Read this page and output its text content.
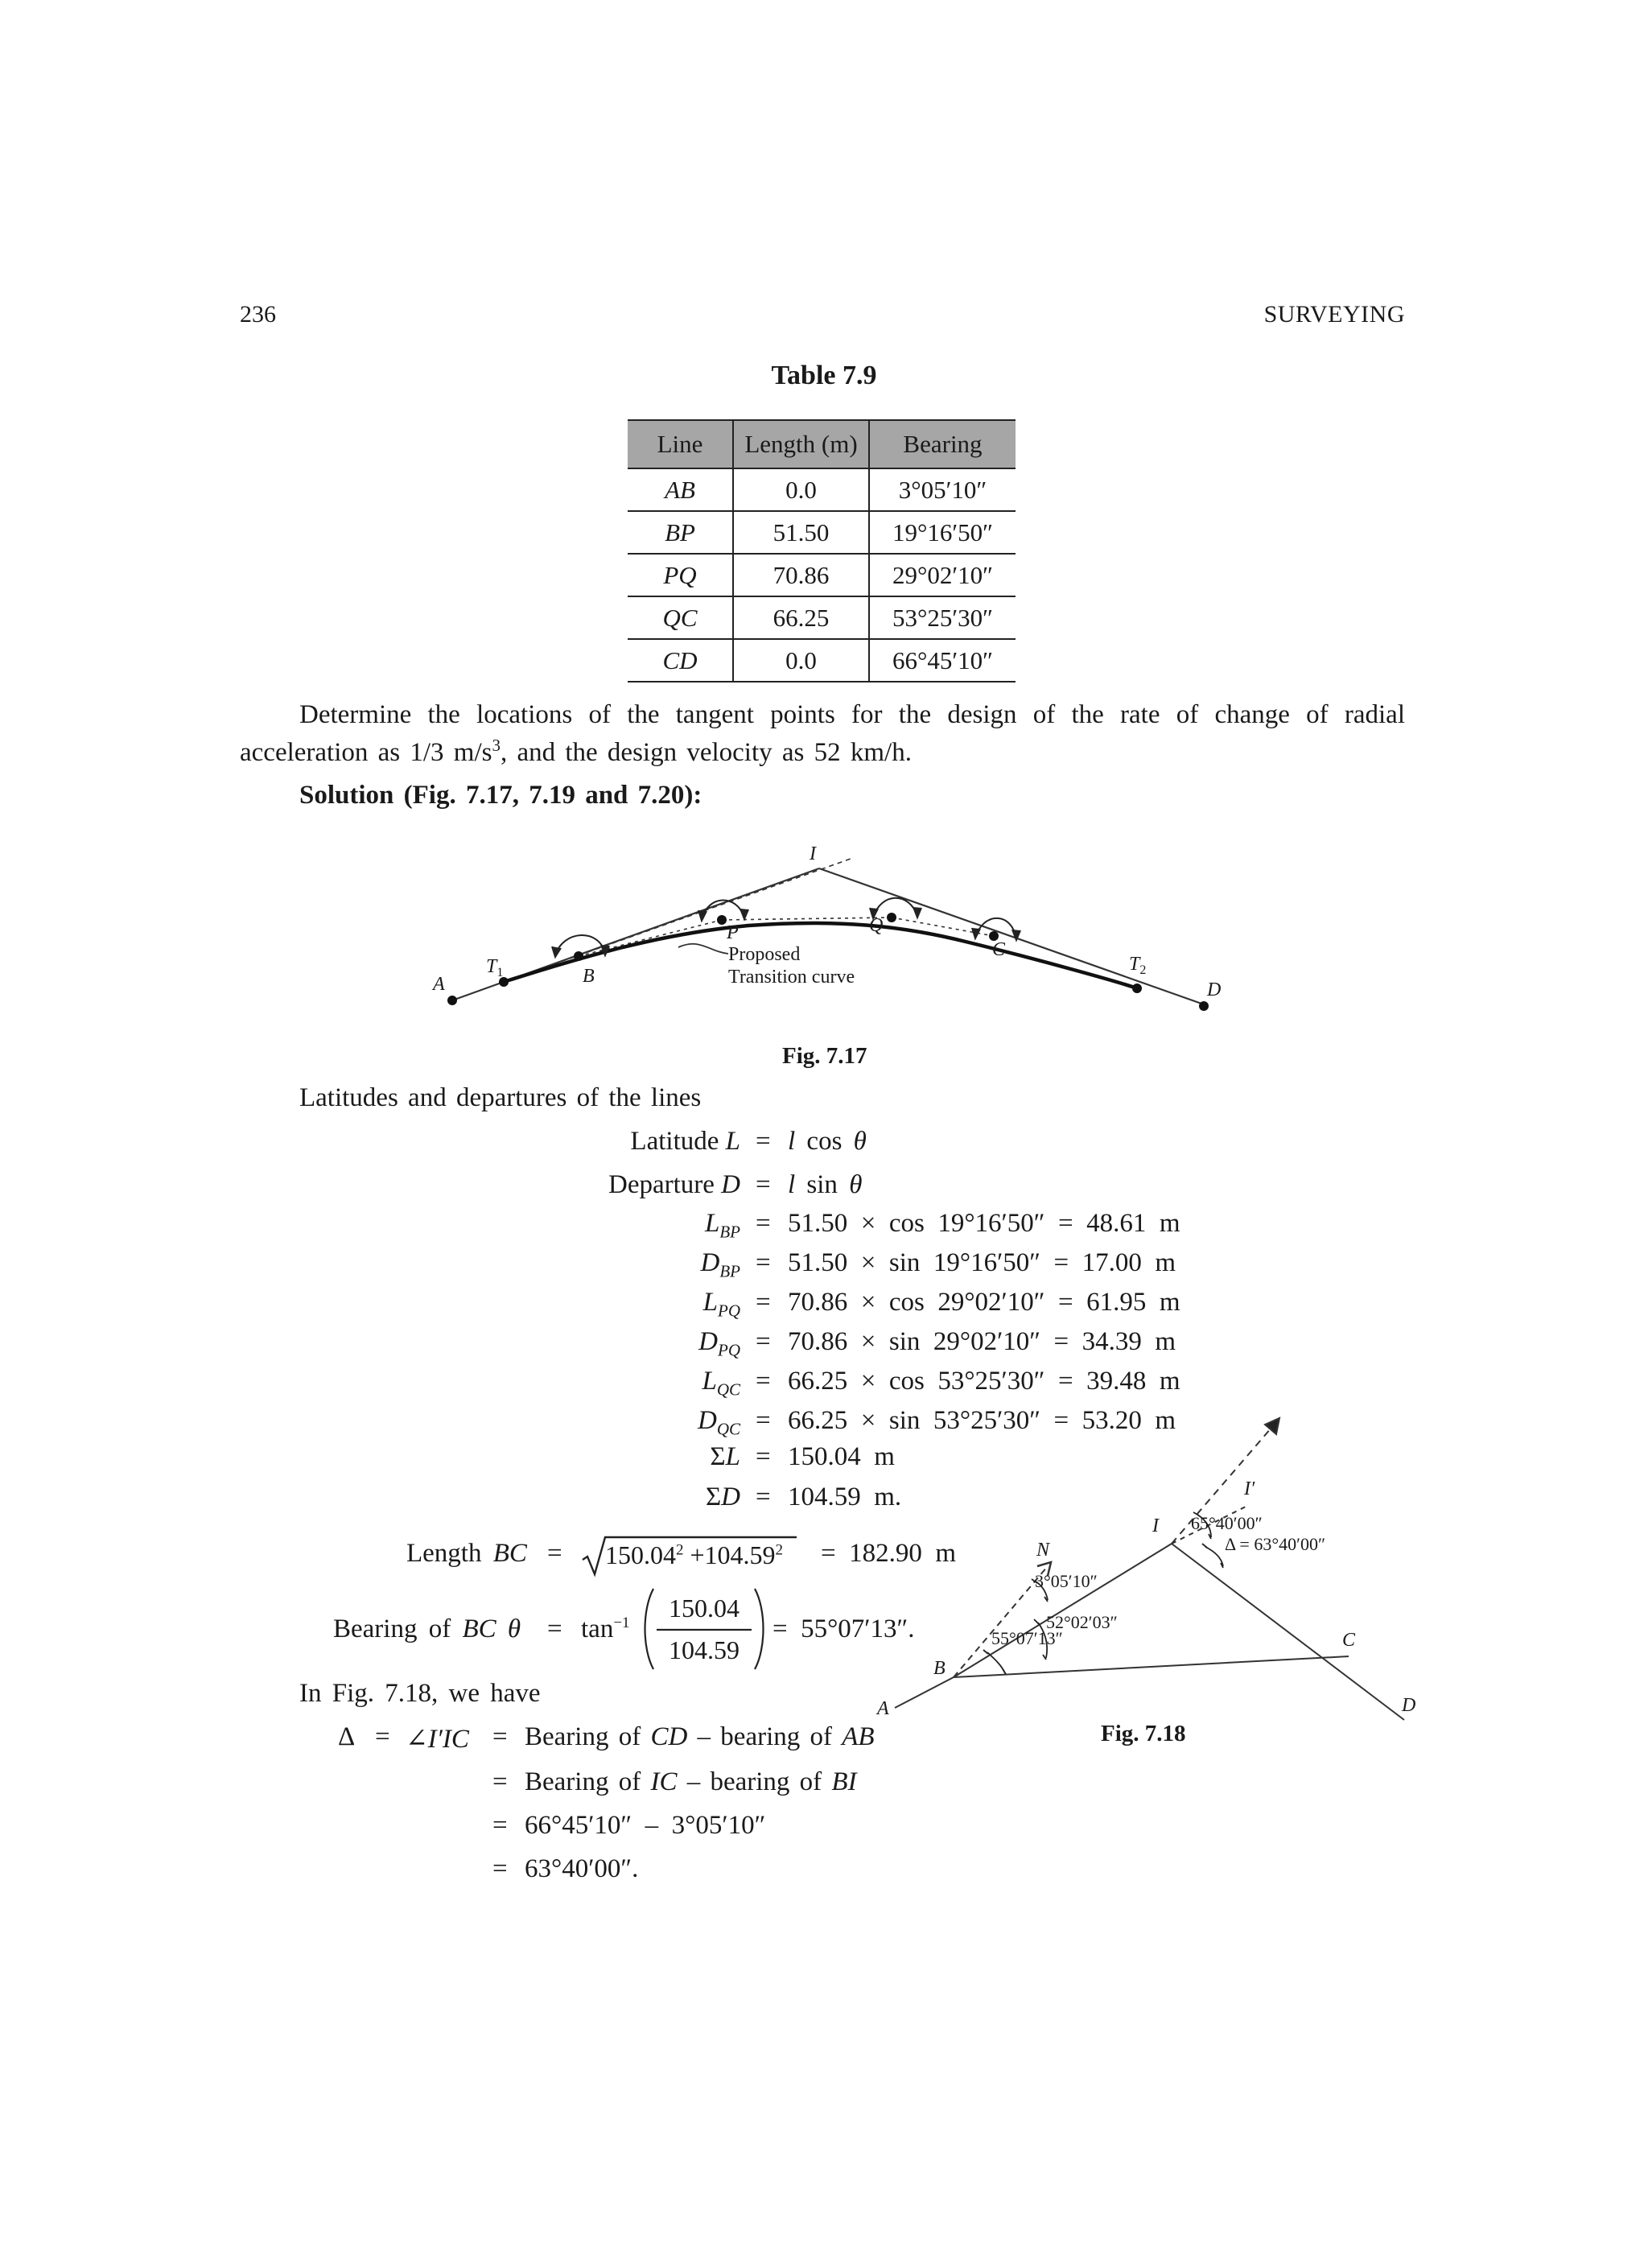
236	SURVEYING
Table 7.9
Line	Length (m)	Bearing
AB	0.0	3°05′10″
BP	51.50	19°16′50″
PQ	70.86	29°02′10″
QC	66.25	53°25′30″
CD	0.0	66°45′10″
Determine the locations of the tangent points for the design of the rate of change of radial
acceleration as 1/3 $m/s^3$, and the design velocity as 52 km/h.
Solution (Fig. 7.17, 7.19 and 7.20):
A
$T_1$	B
P
I
Q
C
$T_2$
D
Proposed
Transition curve
Fig. 7.17
Latitudes and departures of the lines
Latitude L = l cos θ
Departure D = l sin θ
$L_{BP} = 51.50 \times \cos 19^\circ 16'50'' = 48.61$  m
$D_{BP} = 51.50 \times \sin 19^\circ 16'50'' = 17.00$  m
$L_{PQ} = 70.86 \times \cos 29^\circ 02'10'' = 61.95$  m
$D_{PQ} = 70.86 \times \sin 29^\circ 02'10'' = 34.39$  m
$L_{QC} = 66.25 \times \cos 53^\circ 25'30'' = 39.48$  m
$D_{QC} = 66.25 \times \sin 53^\circ 25'30'' = 53.20$  m
ΣL = 150.04  m
ΣD = 104.59  m.
Length BC = $150.04^2 +104.59^2 = 182.90$  m
Bearing of BC $\theta = \tan^{-1}$
150.04
104.59
=  55°07′13″.
In Fig. 7.18, we have
Δ = ∠I′IC = Bearing of CD – bearing of AB
= Bearing of IC – bearing of BI
= 66°45′10″  –  3°05′10″
= 63°40′00″.
N
I
I′
A
B
C
D
65°40′00″
Δ = 63°40′00″
3°05′10″
52°02′03″
55°07′13″
Fig. 7.18
